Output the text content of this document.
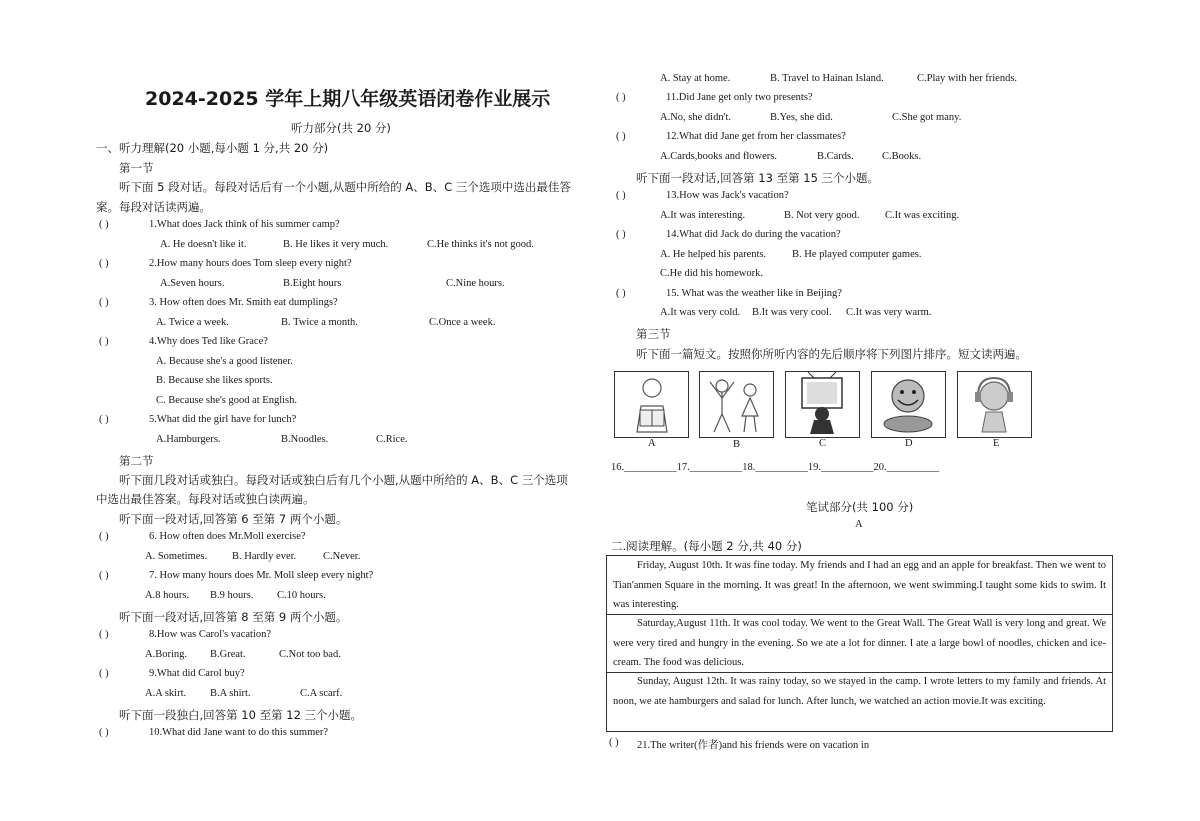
2024-2025 学年上期八年级英语闭卷作业展示
听力部分(共 20 分)
一、听力理解(20 小题,每小题 1 分,共 20 分)
第一节
听下面 5 段对话。每段对话后有一个小题,从题中所给的 A、B、C 三个选项中选出最佳答
案。每段对话读两遍。
( )	1.What does Jack think of his summer camp?
A. He doesn't like it.	B. He likes it very much.	C.He thinks it's not good.
( )	2.How many hours does Tom sleep every night?
A.Seven hours.	B.Eight hours	C.Nine hours.
( )	3. How often does Mr. Smith eat dumplings?
A. Twice a week.	B. Twice a month.	C.Once a week.
( )	4.Why does Ted like Grace?
A. Because she's a good listener.
B. Because she likes sports.
C. Because she's good at English.
( )	5.What did the girl have for lunch?
A.Hamburgers.	B.Noodles.	C.Rice.
第二节
听下面几段对话或独白。每段对话或独白后有几个小题,从题中所给的 A、B、C 三个选项
中选出最佳答案。每段对话或独白读两遍。
听下面一段对话,回答第 6 至第 7 两个小题。
( )	6. How often does Mr.Moll exercise?
A. Sometimes. B. Hardly ever.	C.Never.
( )	7. How many hours does Mr. Moll sleep every night?
A.8 hours. B.9 hours. C.10 hours.
听下面一段对话,回答第 8 至第 9 两个小题。
( )	8.How was Carol's vacation?
A.Boring. B.Great.	C.Not too bad.
( )	9.What did Carol buy?
A.A skirt. B.A shirt.	C.A scarf.
听下面一段独白,回答第 10 至第 12 三个小题。
( )	10.What did Jane want to do this summer?
A. Stay at home.	B. Travel to Hainan Island.	C.Play with her friends.
( )	11.Did Jane get only two presents?
A.No, she didn't.	B.Yes, she did.	C.She got many.
( )	12.What did Jane get from her classmates?
A.Cards,books and flowers.	B.Cards.	C.Books.
听下面一段对话,回答第 13 至第 15 三个小题。
( )	13.How was Jack's vacation?
A.It was interesting.	B. Not very good. C.It was exciting.
( )	14.What did Jack do during the vacation?
A. He helped his parents. B. He played computer games.
C.He did his homework.
( )	15. What was the weather like in Beijing?
A.It was very cold. B.It was very cool. C.It was very warm.
第三节
听下面一篇短文。按照你所听内容的先后顺序将下列图片排序。短文读两遍。
A	B	C	D	E
16.__________17.__________18.__________19.__________20.__________
笔试部分(共 100 分)
A
二.阅读理解。(每小题 2 分,共 40 分)

Friday, August 10th. It was fine today. My friends and I had an egg and an apple for breakfast. Then we went to Tian'anmen Square in the morning. It was great! In the afternoon, we went swimming.I taught some kids to swim. It was interesting.

Saturday,August 11th. It was cool today. We went to the Great Wall. The Great Wall is very long and great. We were very tired and hungry in the evening. So we ate a lot for dinner. I ate a large bowl of noodles, chicken and ice-cream. The food was delicious.

Sunday, August 12th. It was rainy today, so we stayed in the camp. I wrote letters to my family and friends. At noon, we ate hamburgers and salad for lunch. After lunch, we watched an action movie.It was exciting.

( ) 21.The writer(作者)and his friends were on vacation in
